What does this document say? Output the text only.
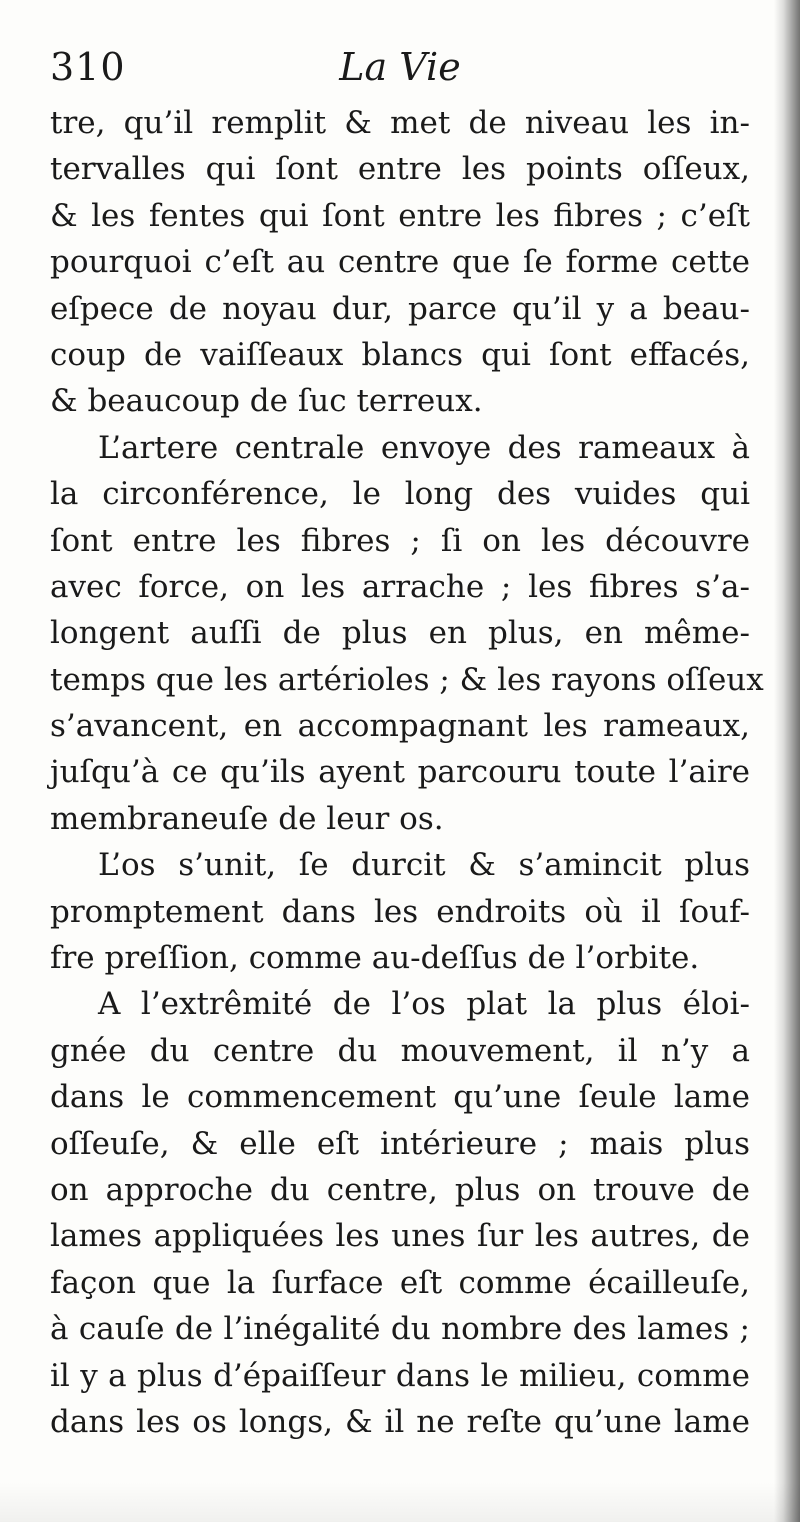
310	La Vie
tre, qu’il remplit & met de niveau les in-
tervalles qui ſont entre les points oſſeux,
& les fentes qui ſont entre les fibres ; c’eſt
pourquoi c’eſt au centre que ſe forme cette
eſpece de noyau dur, parce qu’il y a beau-
coup de vaiſſeaux blancs qui ſont effacés,
& beaucoup de ſuc terreux.
L’artere centrale envoye des rameaux à
la circonférence, le long des vuides qui
ſont entre les fibres ; ſi on les découvre
avec force, on les arrache ; les fibres s’a-
longent auſſi de plus en plus, en même-
temps que les artérioles ; & les rayons oſſeux
s’avancent, en accompagnant les rameaux,
juſqu’à ce qu’ils ayent parcouru toute l’aire
membraneuſe de leur os.
L’os s’unit, ſe durcit & s’amincit plus
promptement dans les endroits où il ſouf-
fre preſſion, comme au-deſſus de l’orbite.
A l’extrêmité de l’os plat la plus éloi-
gnée du centre du mouvement, il n’y a
dans le commencement qu’une ſeule lame
oſſeuſe, & elle eſt intérieure ; mais plus
on approche du centre, plus on trouve de
lames appliquées les unes ſur les autres, de
façon que la ſurface eſt comme écailleuſe,
à cauſe de l’inégalité du nombre des lames ;
il y a plus d’épaiſſeur dans le milieu, comme
dans les os longs, & il ne reſte qu’une lame
